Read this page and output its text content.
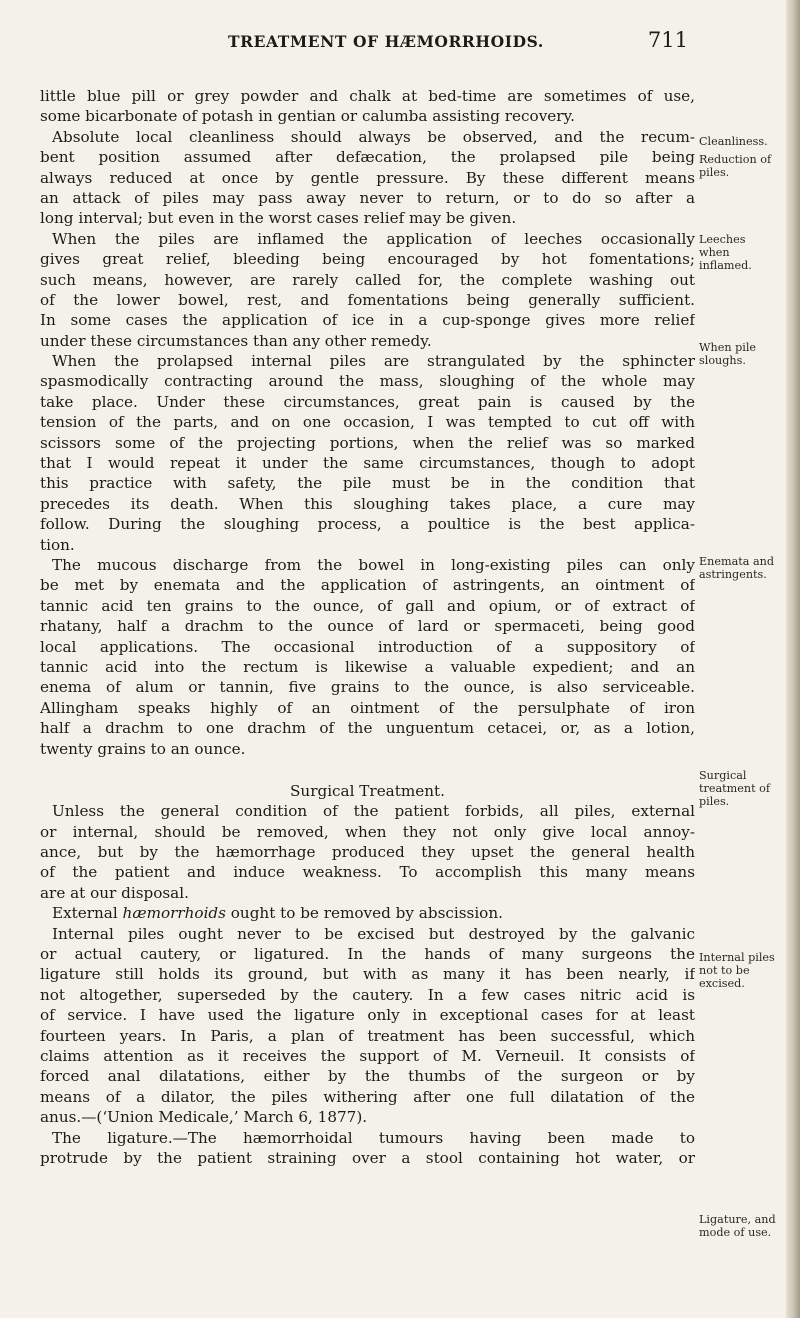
TREATMENT OF HÆMORRHOIDS.	711
little blue pill or grey powder and chalk at bed-time are sometimes of use,
some bicarbonate of potash in gentian or calumba assisting recovery.
Absolute local cleanliness should always be observed, and the recum-
bent position assumed after defæcation, the prolapsed pile being
always reduced at once by gentle pressure. By these different means
an attack of piles may pass away never to return, or to do so after a
long interval; but even in the worst cases relief may be given.
When the piles are inflamed the application of leeches occasionally
gives great relief, bleeding being encouraged by hot fomentations;
such means, however, are rarely called for, the complete washing out
of the lower bowel, rest, and fomentations being generally sufficient.
In some cases the application of ice in a cup-sponge gives more relief
under these circumstances than any other remedy.
When the prolapsed internal piles are strangulated by the sphincter
spasmodically contracting around the mass, sloughing of the whole may
take place. Under these circumstances, great pain is caused by the
tension of the parts, and on one occasion, I was tempted to cut off with
scissors some of the projecting portions, when the relief was so marked
that I would repeat it under the same circumstances, though to adopt
this practice with safety, the pile must be in the condition that
precedes its death. When this sloughing takes place, a cure may
follow. During the sloughing process, a poultice is the best applica-
tion.
The mucous discharge from the bowel in long-existing piles can only
be met by enemata and the application of astringents, an ointment of
tannic acid ten grains to the ounce, of gall and opium, or of extract of
rhatany, half a drachm to the ounce of lard or spermaceti, being good
local applications. The occasional introduction of a suppository of
tannic acid into the rectum is likewise a valuable expedient; and an
enema of alum or tannin, five grains to the ounce, is also serviceable.
Allingham speaks highly of an ointment of the persulphate of iron
half a drachm to one drachm of the unguentum cetacei, or, as a lotion,
twenty grains to an ounce.
Surgical Treatment.
Unless the general condition of the patient forbids, all piles, external
or internal, should be removed, when they not only give local annoy-
ance, but by the hæmorrhage produced they upset the general health
of the patient and induce weakness. To accomplish this many means
are at our disposal.
External hæmorrhoids ought to be removed by abscission.
Internal piles ought never to be excised but destroyed by the galvanic
or actual cautery, or ligatured. In the hands of many surgeons the
ligature still holds its ground, but with as many it has been nearly, if
not altogether, superseded by the cautery. In a few cases nitric acid is
of service. I have used the ligature only in exceptional cases for at least
fourteen years. In Paris, a plan of treatment has been successful, which
claims attention as it receives the support of M. Verneuil. It consists of
forced anal dilatations, either by the thumbs of the surgeon or by
means of a dilator, the piles withering after one full dilatation of the
anus.—(‘Union Medicale,’ March 6, 1877).
The ligature.—The hæmorrhoidal tumours having been made to
protrude by the patient straining over a stool containing hot water, or
Cleanliness.
Reduction of
piles.
Leeches
when
inflamed.
When pile
sloughs.
Enemata and
astringents.
Surgical
treatment of
piles.
Internal piles
not to be
excised.
Ligature, and
mode of use.
